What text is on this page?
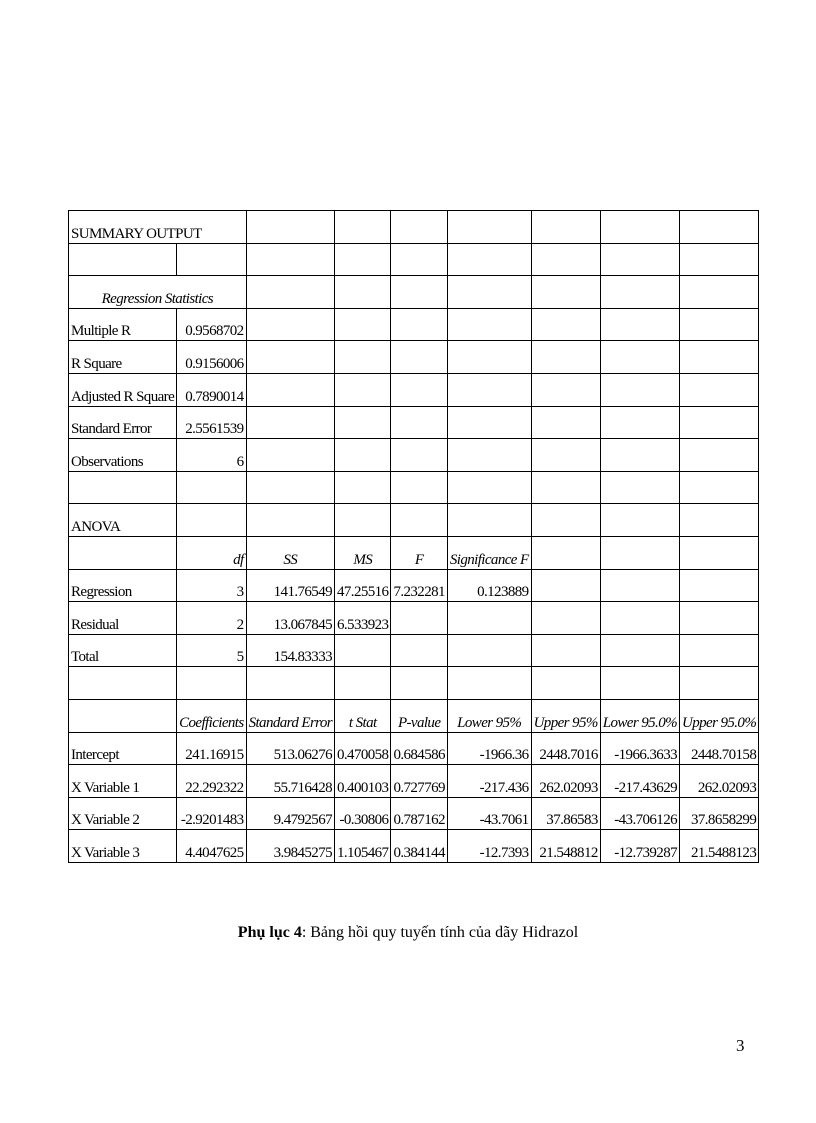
SUMMARY OUTPUT								

Regression Statistics								
Multiple R	0.9568702							
R Square	0.9156006							
Adjusted R Square	0.7890014							
Standard Error	2.5561539							
Observations	6							

ANOVA								
	df	SS	MS	F	Significance F			
Regression	3	141.76549	47.25516	7.232281	0.123889			
Residual	2	13.067845	6.533923					
Total	5	154.83333						

	Coefficients	Standard Error	t Stat	P-value	Lower 95%	Upper 95%	Lower 95.0%	Upper 95.0%
Intercept	241.16915	513.06276	0.470058	0.684586	-1966.36	2448.7016	-1966.3633	2448.70158
X Variable 1	22.292322	55.716428	0.400103	0.727769	-217.436	262.02093	-217.43629	262.02093
X Variable 2	-2.9201483	9.4792567	-0.30806	0.787162	-43.7061	37.86583	-43.706126	37.8658299
X Variable 3	4.4047625	3.9845275	1.105467	0.384144	-12.7393	21.548812	-12.739287	21.5488123
Phụ lục 4: Bảng hồi quy tuyến tính của dãy Hidrazol
3
